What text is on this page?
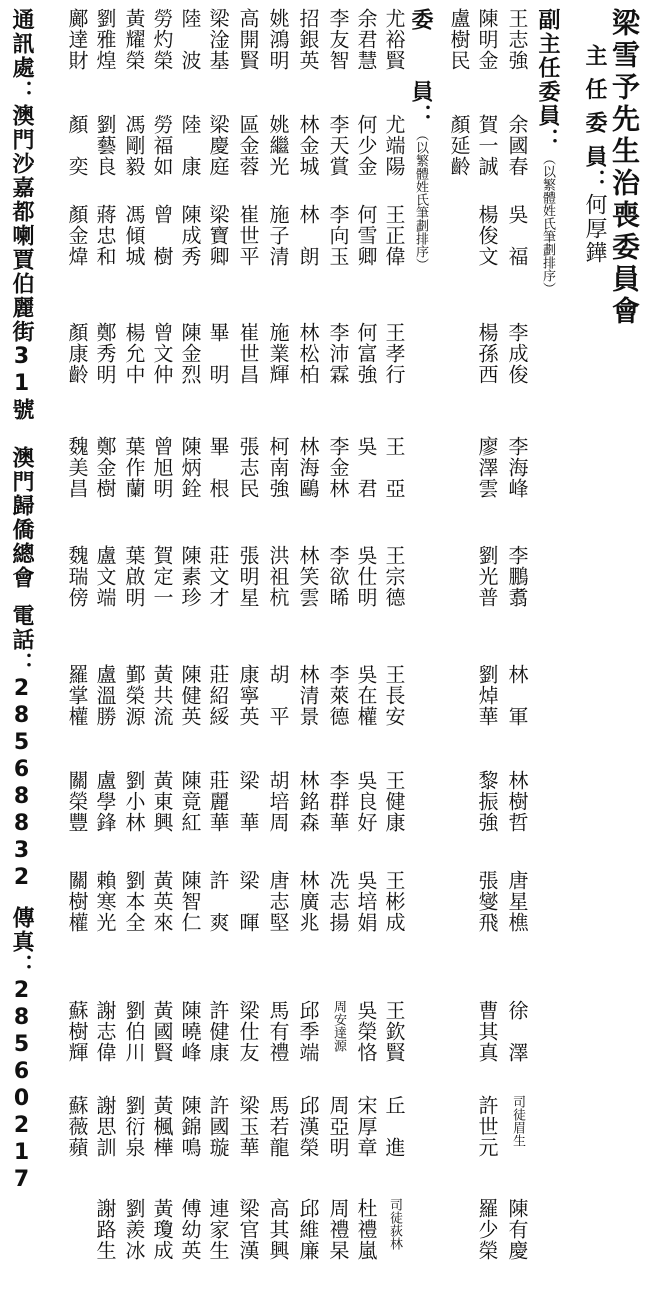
梁雪予先生治喪委員會
主 任 委 員：何厚鏵
副主任委員：（以繁體姓氏筆劃排序）
委　　員：（以繁體姓氏筆劃排序）
王志強
余國春
吳　福
李成俊
李海峰
李鵬翥
林　軍
林樹哲
唐星樵
徐　澤
司徒眉生
陳有慶
陳明金
賀一誠
楊俊文
楊孫西
廖澤雲
劉光普
劉焯華
黎振強
張燮飛
曹其真
許世元
羅少榮
盧樹民
顏延齡
尤裕賢
尤端陽
王正偉
王孝行
王　亞
王宗德
王長安
王健康
王彬成
王欽賢
丘　進
司徒荻林
余君慧
何少金
何雪卿
何富強
吳　君
吳仕明
吳在權
吳良好
吳培娟
吳榮恪
宋厚章
杜禮嵐
李友智
李天賞
李向玉
李沛霖
李金林
李欲晞
李萊德
李群華
冼志揚
周安達源
周亞明
周禮杲
招銀英
林金城
林　朗
林松柏
林海鷗
林笑雲
林清景
林銘森
林廣兆
邱季端
邱漢榮
邱維廉
姚鴻明
姚繼光
施子清
施業輝
柯南強
洪祖杭
胡　平
胡培周
唐志堅
馬有禮
馬若龍
高其興
高開賢
區金蓉
崔世平
崔世昌
張志民
張明星
康寧英
梁　華
梁　暉
梁仕友
梁玉華
梁官漢
梁淦基
梁慶庭
梁寶卿
畢　明
畢　根
莊文才
莊紹綏
莊麗華
許　爽
許健康
許國璇
連家生
陸　波
陸　康
陳成秀
陳金烈
陳炳銓
陳素珍
陳健英
陳竟紅
陳智仁
陳曉峰
陳錦鳴
傅幼英
勞灼榮
勞福如
曾　樹
曾文仲
曾旭明
賀定一
黃共流
黃東興
黃英來
黃國賢
黃楓樺
黃瓊成
黃耀榮
馮剛毅
馮傾城
楊允中
葉作蘭
葉啟明
鄞榮源
劉小林
劉本全
劉伯川
劉衍泉
劉羨冰
劉雅煌
劉藝良
蔣忠和
鄭秀明
鄭金樹
盧文端
盧溫勝
盧學鋒
賴寒光
謝志偉
謝思訓
謝路生
鄺達財
顏　奕
顏金煒
顏康齡
魏美昌
魏瑞傍
羅掌權
關榮豐
關樹權
蘇樹輝
蘇薇蘋
通訊處：澳門沙嘉都喇賈伯麗街31號　澳門歸僑總會電話：28568832傳真：28560217
